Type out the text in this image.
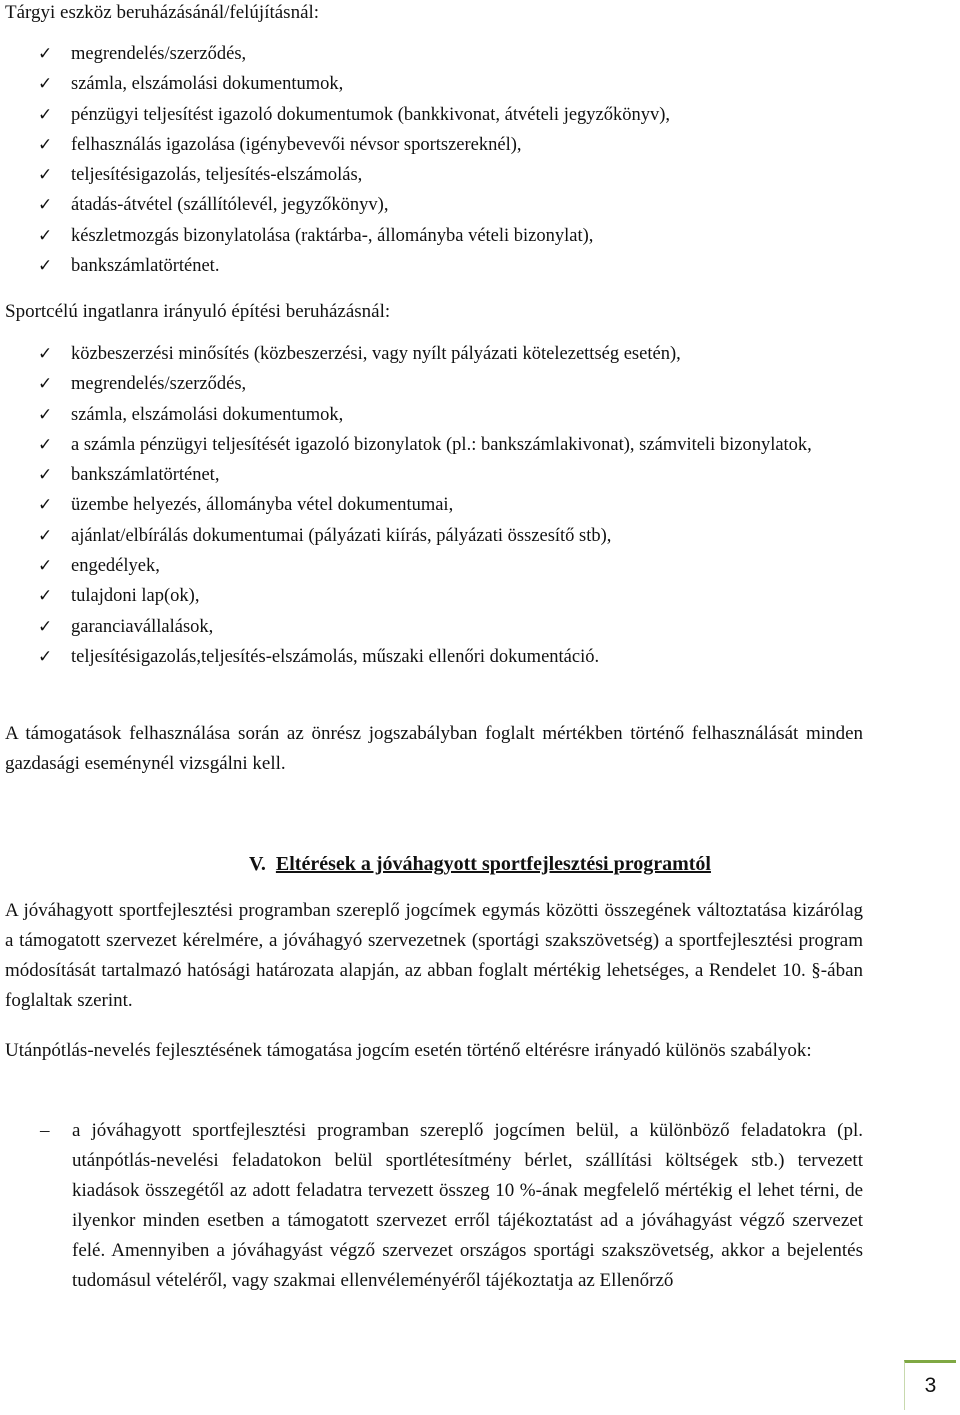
Tárgyi eszköz beruházásánál/felújításnál:
✓ megrendelés/szerződés,
✓ számla, elszámolási dokumentumok,
✓ pénzügyi teljesítést igazoló dokumentumok (bankkivonat, átvételi jegyzőkönyv),
✓ felhasználás igazolása (igénybevevői névsor sportszereknél),
✓ teljesítésigazolás, teljesítés-elszámolás,
✓ átadás-átvétel (szállítólevél, jegyzőkönyv),
✓ készletmozgás bizonylatolása (raktárba-, állományba vételi bizonylat),
✓ bankszámlatörténet.
Sportcélú ingatlanra irányuló építési beruházásnál:
✓ közbeszerzési minősítés (közbeszerzési, vagy nyílt pályázati kötelezettség esetén),
✓ megrendelés/szerződés,
✓ számla, elszámolási dokumentumok,
✓ a számla pénzügyi teljesítését igazoló bizonylatok (pl.: bankszámlakivonat), számviteli bizonylatok,
✓ bankszámlatörténet,
✓ üzembe helyezés, állományba vétel dokumentumai,
✓ ajánlat/elbírálás dokumentumai (pályázati kiírás, pályázati összesítő stb),
✓ engedélyek,
✓ tulajdoni lap(ok),
✓ garanciavállalások,
✓ teljesítésigazolás,teljesítés-elszámolás, műszaki ellenőri dokumentáció.

A támogatások felhasználása során az önrész jogszabályban foglalt mértékben történő felhasználását minden gazdasági eseménynél vizsgálni kell.

V. Eltérések a jóváhagyott sportfejlesztési programtól

A jóváhagyott sportfejlesztési programban szereplő jogcímek egymás közötti összegének változtatása kizárólag a támogatott szervezet kérelmére, a jóváhagyó szervezetnek (sportági szakszövetség) a sportfejlesztési program módosítását tartalmazó hatósági határozata alapján, az abban foglalt mértékig lehetséges, a Rendelet 10. §-ában foglaltak szerint.

Utánpótlás-nevelés fejlesztésének támogatása jogcím esetén történő eltérésre irányadó különös szabályok:

– a jóváhagyott sportfejlesztési programban szereplő jogcímen belül, a különböző feladatokra (pl. utánpótlás-nevelési feladatokon belül sportlétesítmény bérlet, szállítási költségek stb.) tervezett kiadások összegétől az adott feladatra tervezett összeg 10 %-ának megfelelő mértékig el lehet térni, de ilyenkor minden esetben a támogatott szervezet erről tájékoztatást ad a jóváhagyást végző szervezet felé. Amennyiben a jóváhagyást végző szervezet országos sportági szakszövetség, akkor a bejelentés tudomásul vételéről, vagy szakmai ellenvéleményéről tájékoztatja az Ellenőrző

3
